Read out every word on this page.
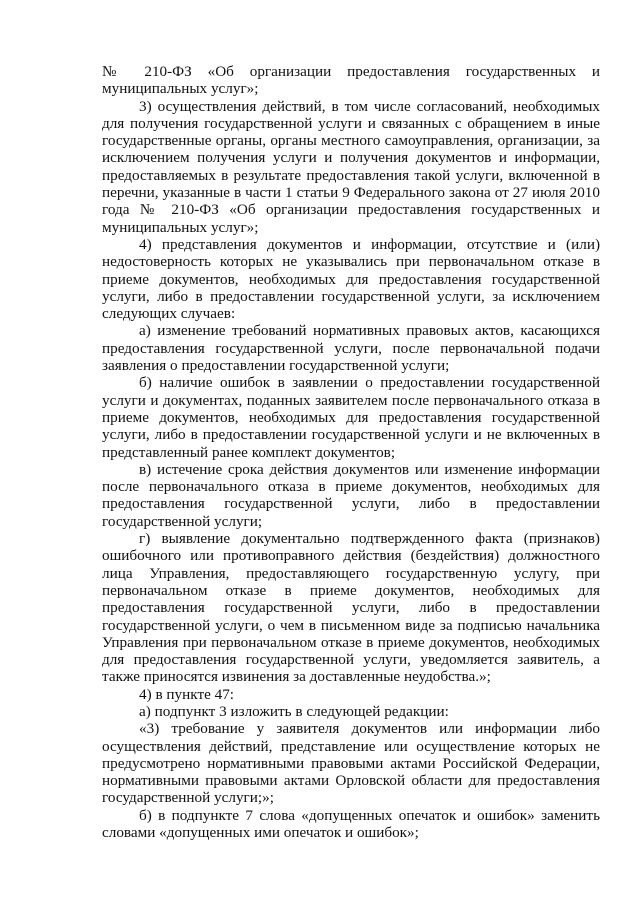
№ 210-ФЗ «Об организации предоставления государственных и муниципальных услуг»;

3) осуществления действий, в том числе согласований, необходимых для получения государственной услуги и связанных с обращением в иные государственные органы, органы местного самоуправления, организации, за исключением получения услуги и получения документов и информации, предоставляемых в результате предоставления такой услуги, включенной в перечни, указанные в части 1 статьи 9 Федерального закона от 27 июля 2010 года № 210-ФЗ «Об организации предоставления государственных и муниципальных услуг»;

4) представления документов и информации, отсутствие и (или) недостоверность которых не указывались при первоначальном отказе в приеме документов, необходимых для предоставления государственной услуги, либо в предоставлении государственной услуги, за исключением следующих случаев:

а) изменение требований нормативных правовых актов, касающихся предоставления государственной услуги, после первоначальной подачи заявления о предоставлении государственной услуги;

б) наличие ошибок в заявлении о предоставлении государственной услуги и документах, поданных заявителем после первоначального отказа в приеме документов, необходимых для предоставления государственной услуги, либо в предоставлении государственной услуги и не включенных в представленный ранее комплект документов;

в) истечение срока действия документов или изменение информации после первоначального отказа в приеме документов, необходимых для предоставления государственной услуги, либо в предоставлении государственной услуги;

г) выявление документально подтвержденного факта (признаков) ошибочного или противоправного действия (бездействия) должностного лица Управления, предоставляющего государственную услугу, при первоначальном отказе в приеме документов, необходимых для предоставления государственной услуги, либо в предоставлении государственной услуги, о чем в письменном виде за подписью начальника Управления при первоначальном отказе в приеме документов, необходимых для предоставления государственной услуги, уведомляется заявитель, а также приносятся извинения за доставленные неудобства.»;

4) в пункте 47:

а) подпункт 3 изложить в следующей редакции:

«3) требование у заявителя документов или информации либо осуществления действий, представление или осуществление которых не предусмотрено нормативными правовыми актами Российской Федерации, нормативными правовыми актами Орловской области для предоставления государственной услуги;»;

б) в подпункте 7 слова «допущенных опечаток и ошибок» заменить словами «допущенных ими опечаток и ошибок»;
